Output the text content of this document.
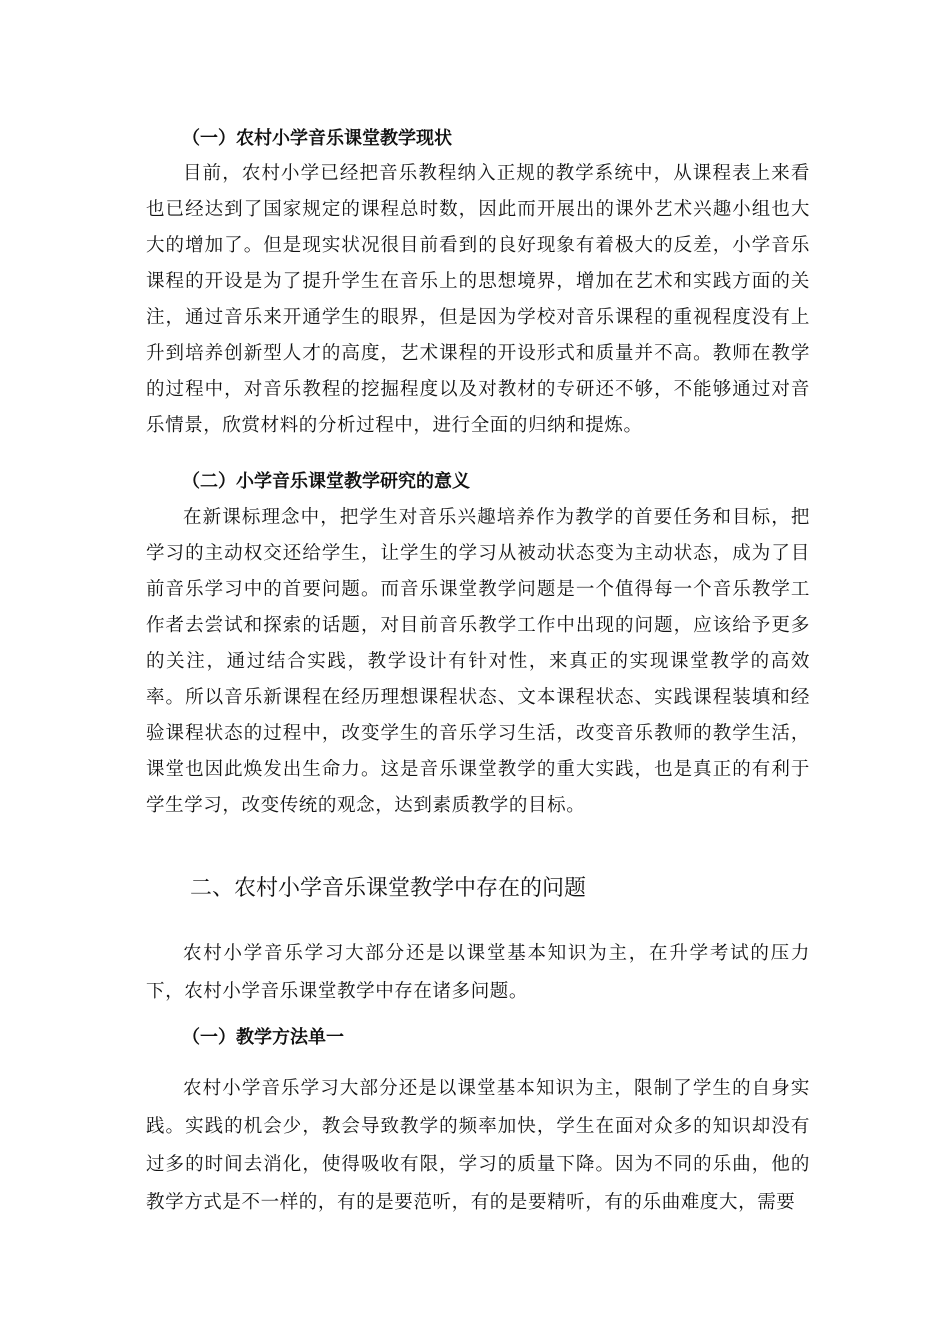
（一）农村小学音乐课堂教学现状

目前，农村小学已经把音乐教程纳入正规的教学系统中，从课程表上来看也已经达到了国家规定的课程总时数，因此而开展出的课外艺术兴趣小组也大大的增加了。但是现实状况很目前看到的良好现象有着极大的反差，小学音乐课程的开设是为了提升学生在音乐上的思想境界，增加在艺术和实践方面的关注，通过音乐来开通学生的眼界，但是因为学校对音乐课程的重视程度没有上升到培养创新型人才的高度，艺术课程的开设形式和质量并不高。教师在教学的过程中，对音乐教程的挖掘程度以及对教材的专研还不够，不能够通过对音乐情景，欣赏材料的分析过程中，进行全面的归纳和提炼。

（二）小学音乐课堂教学研究的意义

在新课标理念中，把学生对音乐兴趣培养作为教学的首要任务和目标，把学习的主动权交还给学生，让学生的学习从被动状态变为主动状态，成为了目前音乐学习中的首要问题。而音乐课堂教学问题是一个值得每一个音乐教学工作者去尝试和探索的话题，对目前音乐教学工作中出现的问题，应该给予更多的关注，通过结合实践，教学设计有针对性，来真正的实现课堂教学的高效率。所以音乐新课程在经历理想课程状态、文本课程状态、实践课程装填和经验课程状态的过程中，改变学生的音乐学习生活，改变音乐教师的教学生活，课堂也因此焕发出生命力。这是音乐课堂教学的重大实践，也是真正的有利于学生学习，改变传统的观念，达到素质教学的目标。

二、农村小学音乐课堂教学中存在的问题

农村小学音乐学习大部分还是以课堂基本知识为主，在升学考试的压力下，农村小学音乐课堂教学中存在诸多问题。

（一）教学方法单一

农村小学音乐学习大部分还是以课堂基本知识为主，限制了学生的自身实践。实践的机会少，教会导致教学的频率加快，学生在面对众多的知识却没有过多的时间去消化，使得吸收有限，学习的质量下降。因为不同的乐曲，他的教学方式是不一样的，有的是要范听，有的是要精听，有的乐曲难度大，需要
